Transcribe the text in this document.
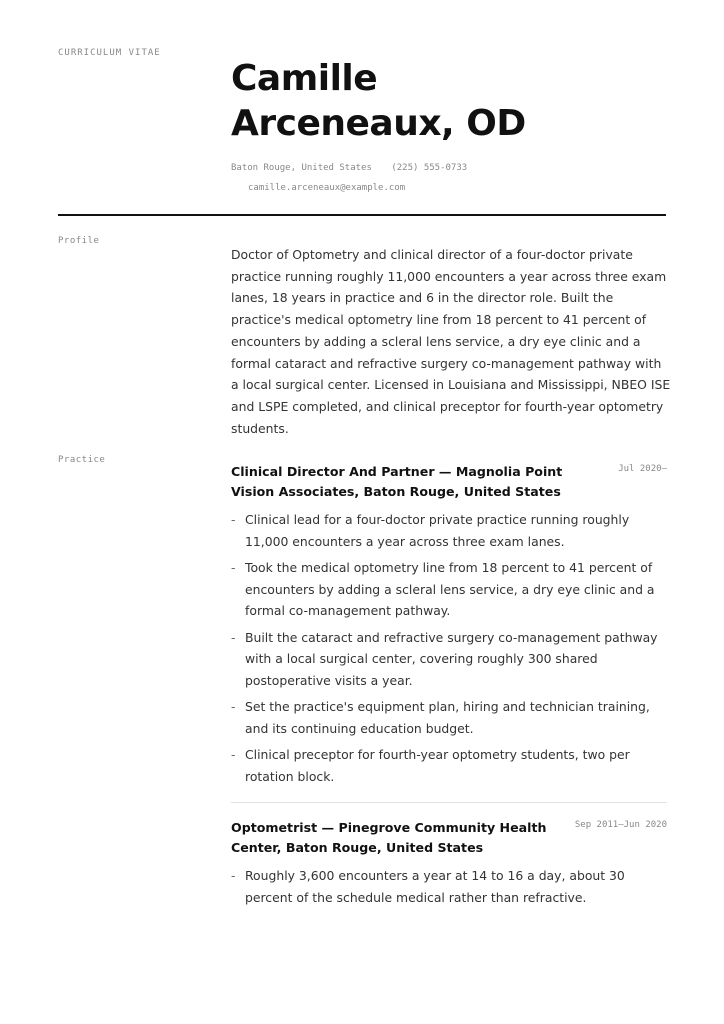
CURRICULUM VITAE
Camille
Arceneaux, OD
Baton Rouge, United States (225) 555-0733
camille.arceneaux@example.com
Profile

Doctor of Optometry and clinical director of a four-doctor private practice running roughly 11,000 encounters a year across three exam lanes, 18 years in practice and 6 in the director role. Built the practice's medical optometry line from 18 percent to 41 percent of encounters by adding a scleral lens service, a dry eye clinic and a formal cataract and refractive surgery co-management pathway with a local surgical center. Licensed in Louisiana and Mississippi, NBEO ISE and LSPE completed, and clinical preceptor for fourth-year optometry students.

Practice
Clinical Director And Partner — Magnolia Point Vision Associates, Baton Rouge, United States
Jul 2020–
- Clinical lead for a four-doctor private practice running roughly 11,000 encounters a year across three exam lanes.
- Took the medical optometry line from 18 percent to 41 percent of encounters by adding a scleral lens service, a dry eye clinic and a formal co-management pathway.
- Built the cataract and refractive surgery co-management pathway with a local surgical center, covering roughly 300 shared postoperative visits a year.
- Set the practice's equipment plan, hiring and technician training, and its continuing education budget.
- Clinical preceptor for fourth-year optometry students, two per rotation block.
Optometrist — Pinegrove Community Health Center, Baton Rouge, United States
Sep 2011–Jun 2020
- Roughly 3,600 encounters a year at 14 to 16 a day, about 30 percent of the schedule medical rather than refractive.
